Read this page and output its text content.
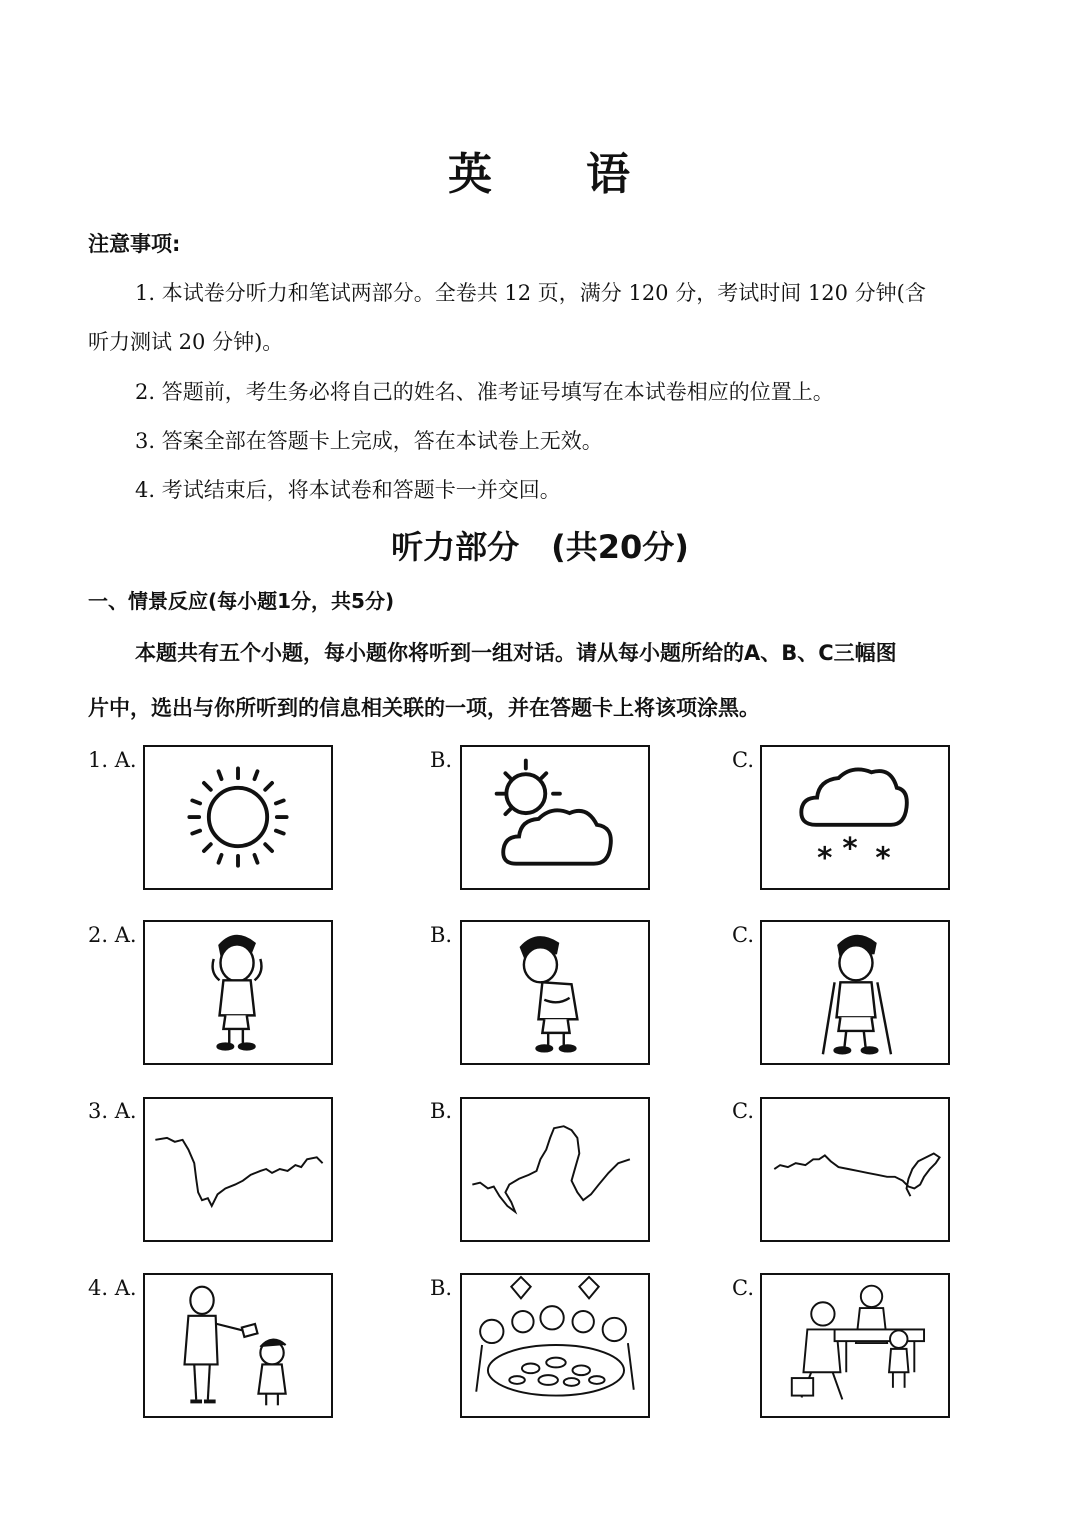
英 语
注意事项:
1. 本试卷分听力和笔试两部分。全卷共 12 页，满分 120 分，考试时间 120 分钟(含
听力测试 20 分钟)。
2. 答题前，考生务必将自己的姓名、准考证号填写在本试卷相应的位置上。
3. 答案全部在答题卡上完成，答在本试卷上无效。
4. 考试结束后，将本试卷和答题卡一并交回。
听力部分　(共20分)
一、情景反应(每小题1分，共5分)
本题共有五个小题，每小题你将听到一组对话。请从每小题所给的A、B、C三幅图
片中，选出与你所听到的信息相关联的一项，并在答题卡上将该项涂黑。
1. A.	B.	C.
* * *
2. A.	B.	C.
3. A.	B.	C.
4. A.	B.	C.
